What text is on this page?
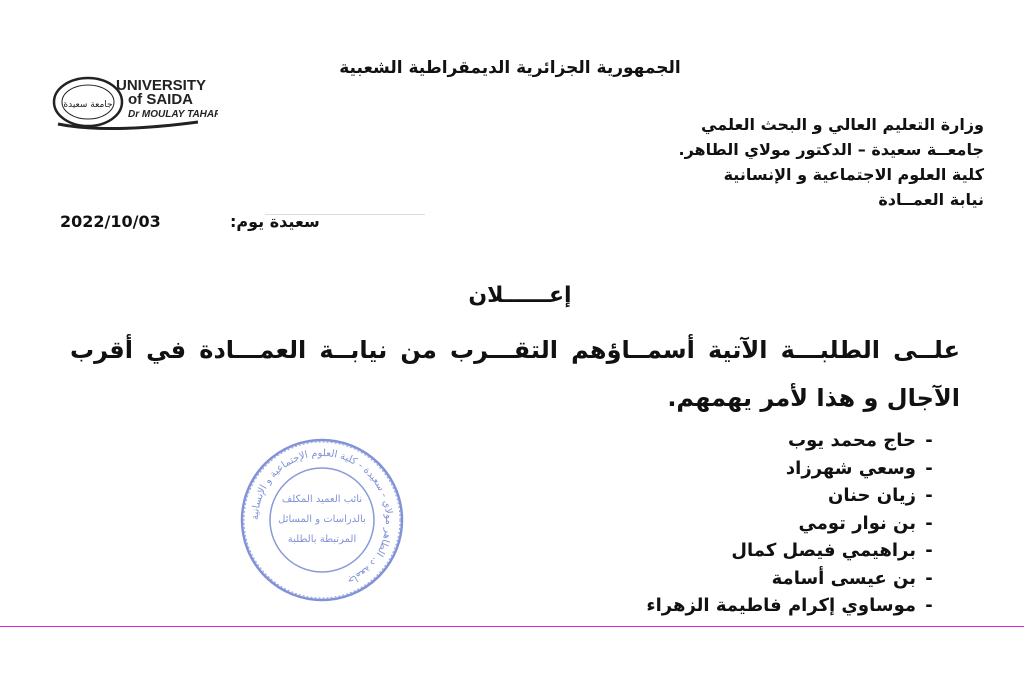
الجمهورية الجزائرية الديمقراطية الشعبية
جامعة سعيدة
UNIVERSITY
of SAIDA
Dr MOULAY TAHAR
وزارة التعليم العالي و البحث العلمي
جامعــة سعيدة – الدكتور مولاي الطاهر.
كلية العلوم الاجتماعية و الإنسانية
نيابة العمــادة
سعيدة يوم:
2022/10/03
إعــــــلان
علــى الطلبـــة الآتية أسمــاؤهم التقـــرب من نيابــة العمـــادة في أقرب الآجال و هذا لأمر يهمهم.
-حاج محمد يوب
-وسعي شهرزاد
-زيان حنان
-بن نوار تومي
-براهيمي فيصل كمال
-بن عيسى أسامة
-موساوي إكرام فاطيمة الزهراء
جامعة د. الطاهر مولاي - سعيدة - كلية العلوم الإجتماعية و الإنسانية
نائب العميد المكلف
بالدراسات و المسائل
المرتبطة بالطلبة
